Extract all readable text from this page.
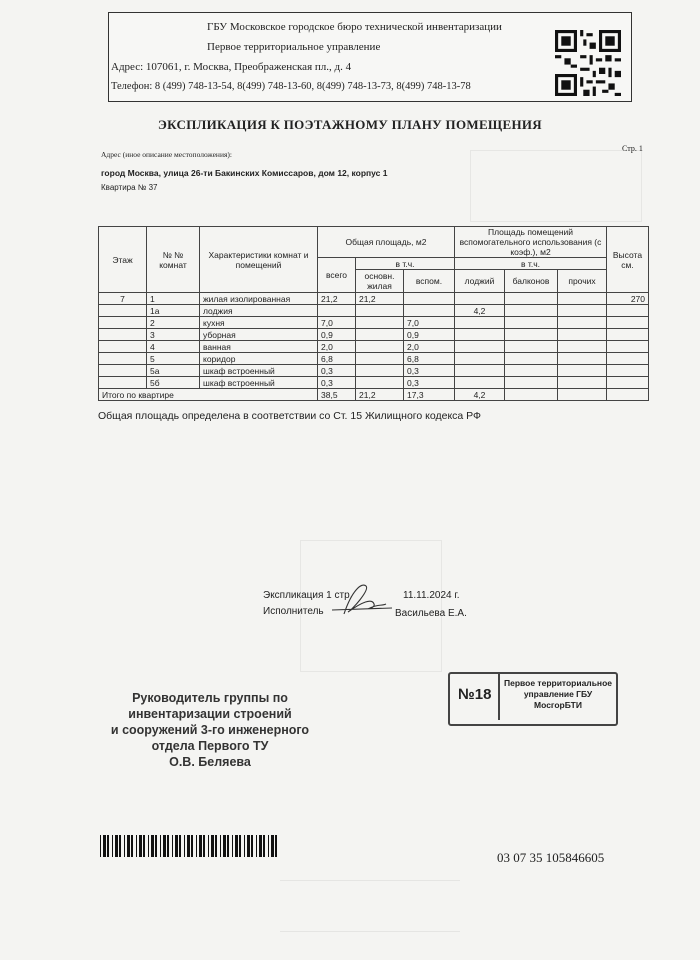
ГБУ Московское городское бюро технической инвентаризации
Первое территориальное управление
Адрес: 107061, г. Москва, Преображенская пл., д. 4
Телефон: 8 (499) 748-13-54, 8(499) 748-13-60, 8(499) 748-13-73, 8(499) 748-13-78
ЭКСПЛИКАЦИЯ К ПОЭТАЖНОМУ ПЛАНУ ПОМЕЩЕНИЯ
Стр. 1
Адрес (иное описание местоположения):
город Москва, улица 26-ти Бакинских Комиссаров, дом 12, корпус 1
Квартира № 37
Этаж	№ № комнат	Характеристики комнат и помещений	Общая площадь, м2			Площадь помещений вспомогательного использования (с коэф.), м2			Высота см.
			всего	в т.ч.		в т.ч.			
				основн. жилая	вспом.	лоджий	балконов	прочих	
7	1	жилая изолированная	21,2	21,2					270
	1а	лоджия				4,2			
	2	кухня	7,0		7,0				
	3	уборная	0,9		0,9				
	4	ванная	2,0		2,0				
	5	коридор	6,8		6,8				
	5а	шкаф встроенный	0,3		0,3				
	5б	шкаф встроенный	0,3		0,3				
Итого по квартире			38,5	21,2	17,3	4,2			
Общая площадь определена в соответствии со Ст. 15 Жилищного кодекса РФ
Экспликация 1 стр.	11.11.2024 г.
Исполнитель	Васильева Е.А.
№18
Первое территориальное управление ГБУ МосгорБТИ
Руководитель группы по
инвентаризации строений
и сооружений 3-го инженерного
отдела Первого ТУ
О.В. Беляева
03 07 35 105846605
